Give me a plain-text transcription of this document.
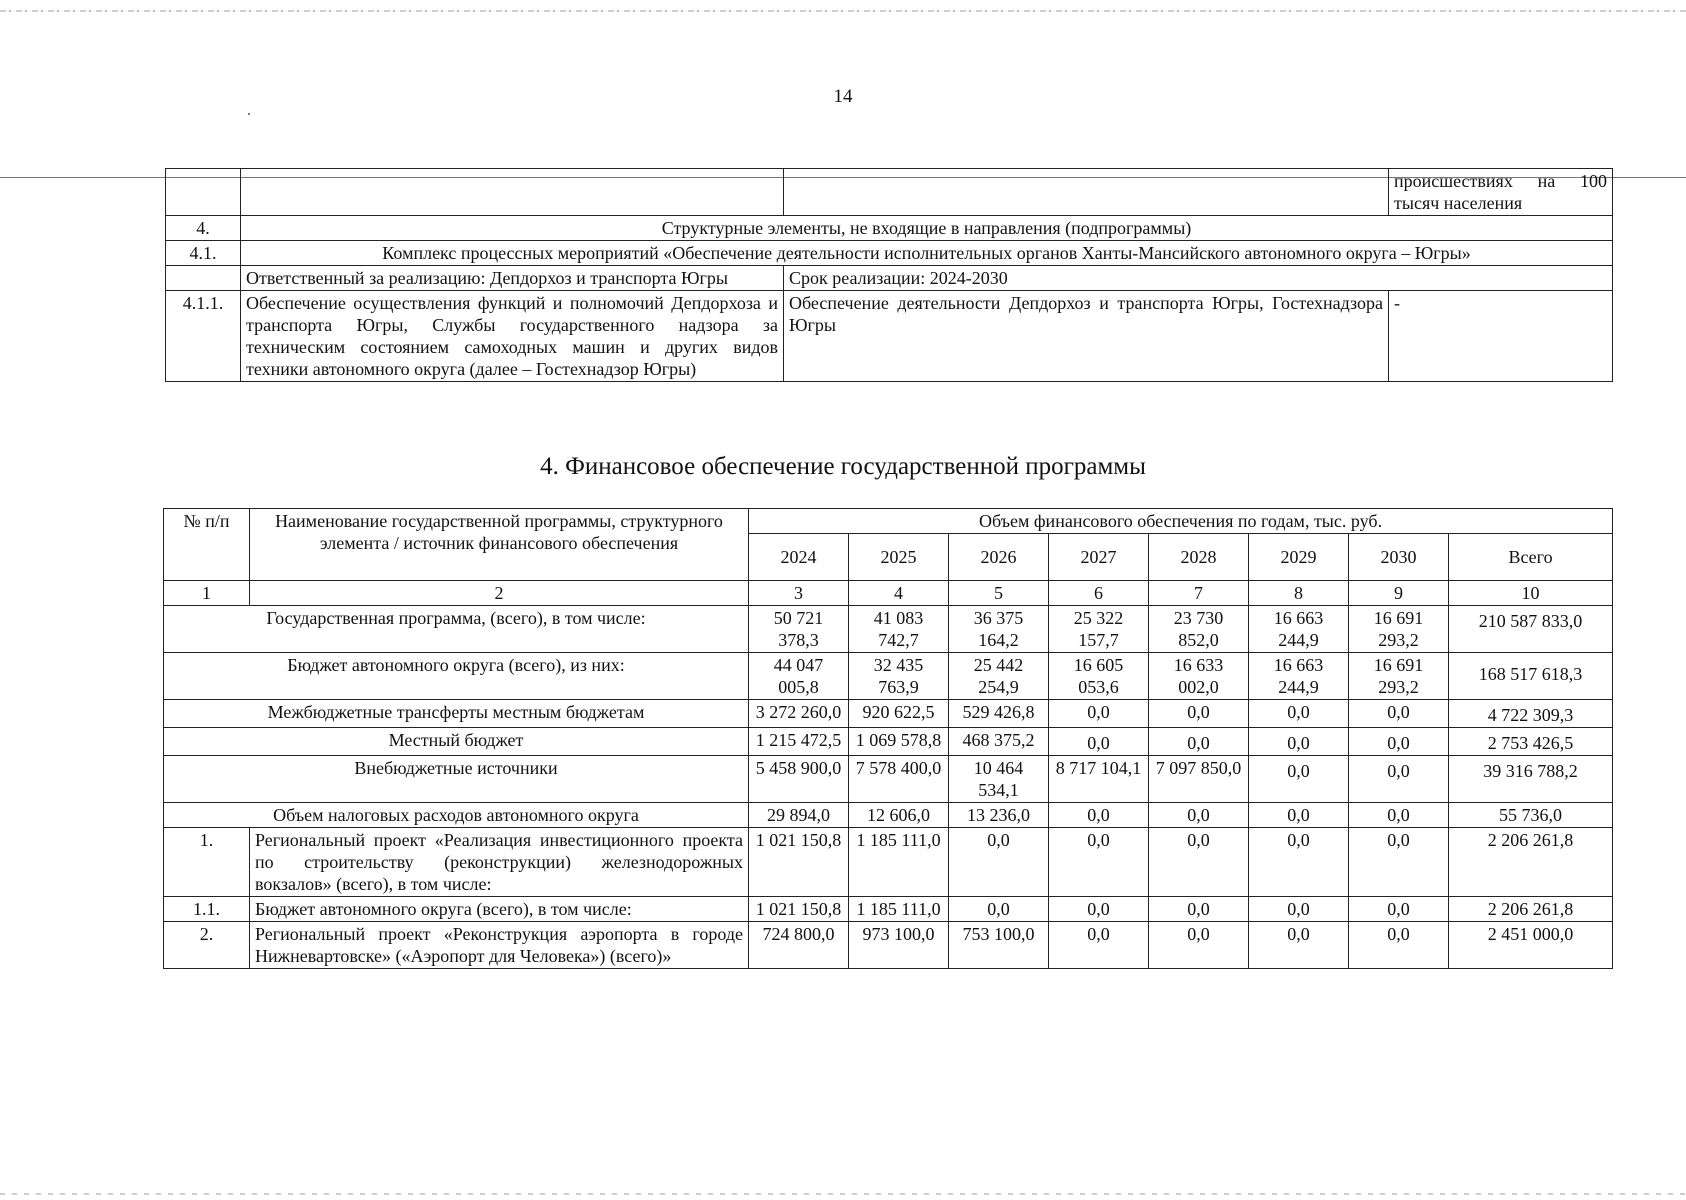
14
			происшествиях на 100 тысяч населения
4.	Структурные элементы, не входящие в направления (подпрограммы)		
4.1.	Комплекс процессных мероприятий «Обеспечение деятельности исполнительных органов Ханты-Мансийского автономного округа – Югры»		
	Ответственный за реализацию: Депдорхоз и транспорта Югры	Срок реализации: 2024-2030	
4.1.1.	Обеспечение осуществления функций и полномочий Депдорхоза и транспорта Югры, Службы государственного надзора за техническим состоянием самоходных машин и других видов техники автономного округа (далее – Гостехнадзор Югры)	Обеспечение деятельности Депдорхоз и транспорта Югры, Гостехнадзора Югры	-
4. Финансовое обеспечение государственной программы
№ п/п	Наименование государственной программы, структурного элемента / источник финансового обеспечения	Объем финансового обеспечения по годам, тыс. руб.							
		2024	2025	2026	2027	2028	2029	2030	Всего
1	2	3	4	5	6	7	8	9	10
Государственная программа, (всего), в том числе:		50 721 378,3	41 083 742,7	36 375 164,2	25 322 157,7	23 730 852,0	16 663 244,9	16 691 293,2	210 587 833,0
Бюджет автономного округа (всего), из них:		44 047 005,8	32 435 763,9	25 442 254,9	16 605 053,6	16 633 002,0	16 663 244,9	16 691 293,2	168 517 618,3
Межбюджетные трансферты местным бюджетам		3 272 260,0	920 622,5	529 426,8	0,0	0,0	0,0	0,0	4 722 309,3
Местный бюджет		1 215 472,5	1 069 578,8	468 375,2	0,0	0,0	0,0	0,0	2 753 426,5
Внебюджетные источники		5 458 900,0	7 578 400,0	10 464 534,1	8 717 104,1	7 097 850,0	0,0	0,0	39 316 788,2
Объем налоговых расходов автономного округа		29 894,0	12 606,0	13 236,0	0,0	0,0	0,0	0,0	55 736,0
1.	Региональный проект «Реализация инвестиционного проекта по строительству (реконструкции) железнодорожных вокзалов» (всего), в том числе:	1 021 150,8	1 185 111,0	0,0	0,0	0,0	0,0	0,0	2 206 261,8
1.1.	Бюджет автономного округа (всего), в том числе:	1 021 150,8	1 185 111,0	0,0	0,0	0,0	0,0	0,0	2 206 261,8
2.	Региональный проект «Реконструкция аэропорта в городе Нижневартовске» («Аэропорт для Человека») (всего)»	724 800,0	973 100,0	753 100,0	0,0	0,0	0,0	0,0	2 451 000,0
